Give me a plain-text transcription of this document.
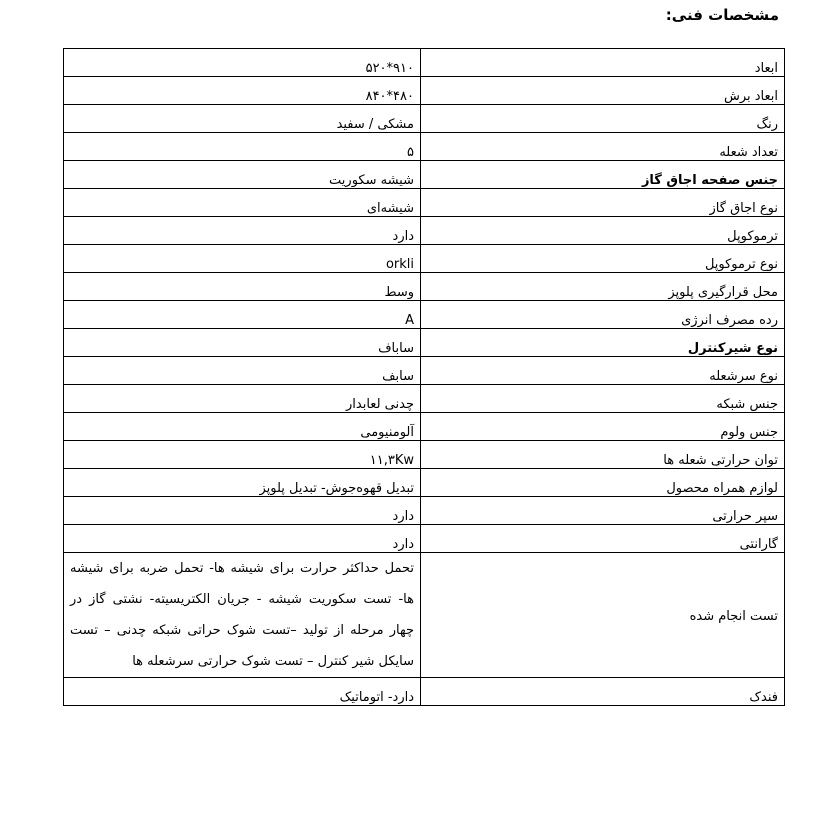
مشخصات فنی:
ابعاد	۹۱۰*۵۲۰
ابعاد برش	۴۸۰*۸۴۰
رنگ	مشکی / سفید
تعداد شعله	۵
جنس صفحه اجاق گاز	شیشه سکوریت
نوع اجاق گاز	شیشه‌ای
ترموکوپل	دارد
نوع ترموکوپل	orkli
محل قرارگیری پلوپز	وسط
رده مصرف انرژی	A
نوع شیرکنترل	ساباف
نوع سرشعله	سابف
جنس شبکه	چدنی لعابدار
جنس ولوم	آلومنیومی
توان حرارتی شعله ها	۱۱,۳Kw
لوازم همراه محصول	تبدیل قهوه‌جوش- تبدیل پلوپز
سپر حرارتی	دارد
گارانتی	دارد
تست انجام شده	تحمل حداکثر حرارت برای شیشه ها- تحمل ضربه برای شیشه ها- تست سکوریت شیشه - جریان الکتریسیته- نشتی گاز در چهار مرحله از تولید –تست شوک حراتی شبکه چدنی – تست سایکل شیر کنترل – تست شوک حرارتی سرشعله ها
فندک	دارد- اتوماتیک
